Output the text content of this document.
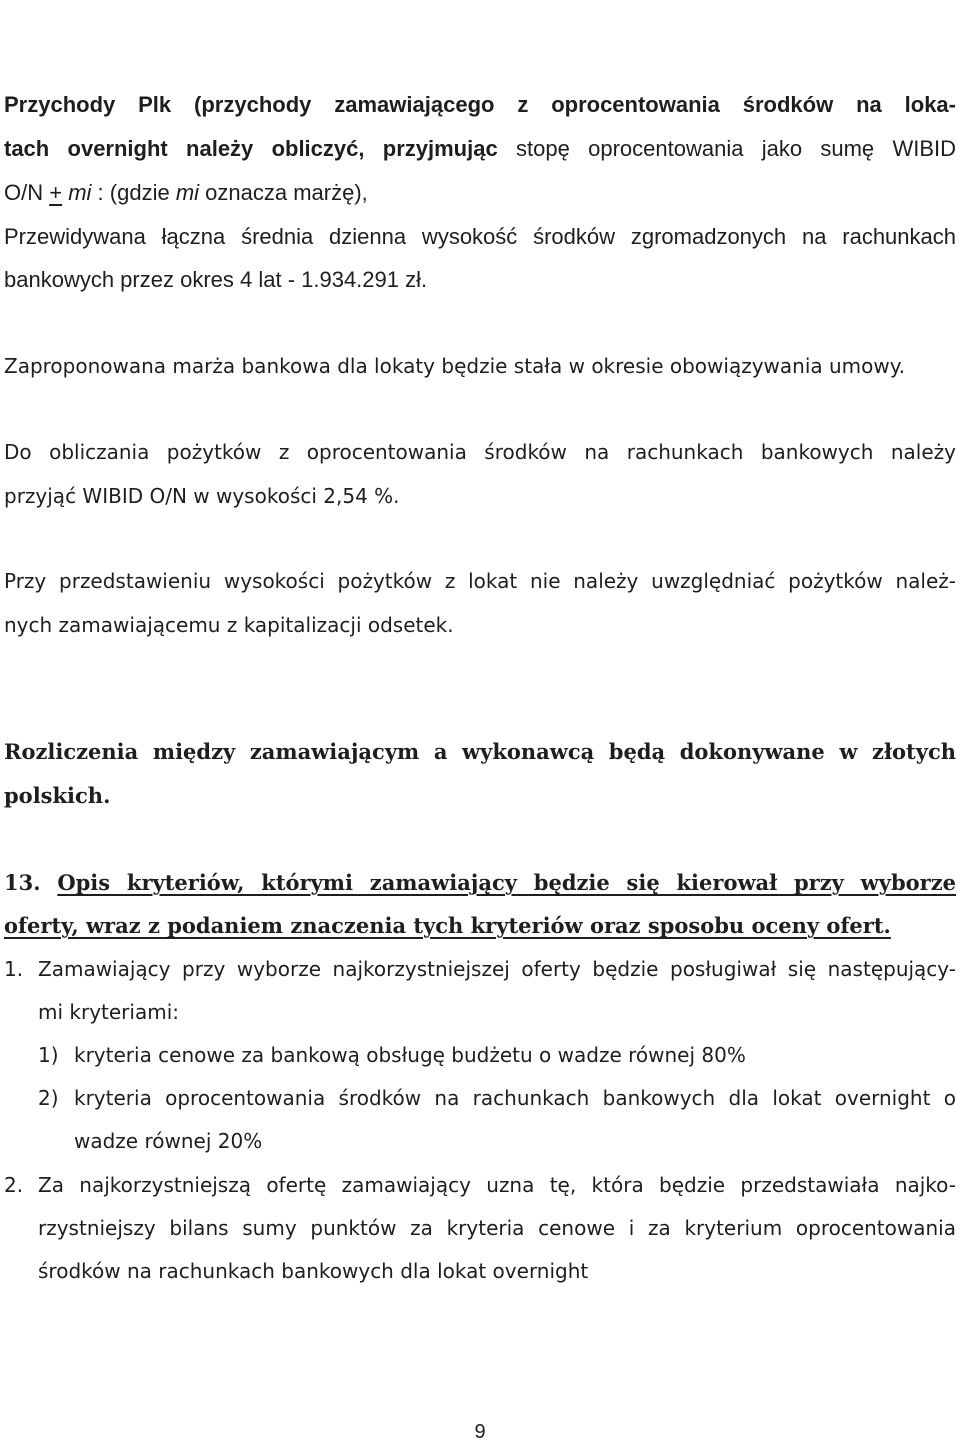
Przychody Plk (przychody zamawiającego z oprocentowania środków na loka-
tach overnight należy obliczyć, przyjmując stopę oprocentowania jako sumę WIBID
O/N + mi : (gdzie mi oznacza marżę),
Przewidywana łączna średnia dzienna wysokość środków zgromadzonych na rachunkach
bankowych przez okres 4 lat - 1.934.291 zł.
Zaproponowana marża bankowa dla lokaty będzie stała w okresie obowiązywania umowy.
Do obliczania pożytków z oprocentowania środków na rachunkach bankowych należy
przyjąć WIBID O/N w wysokości 2,54 %.
Przy przedstawieniu wysokości pożytków z lokat nie należy uwzględniać pożytków należ-
nych zamawiającemu z kapitalizacji odsetek.
Rozliczenia między zamawiającym a wykonawcą będą dokonywane w złotych
polskich.
13. Opis kryteriów, którymi zamawiający będzie się kierował przy wyborze
oferty, wraz z podaniem znaczenia tych kryteriów oraz sposobu oceny ofert.
1. Zamawiający przy wyborze najkorzystniejszej oferty będzie posługiwał się następujący-
mi kryteriami:
1) kryteria cenowe za bankową obsługę budżetu o wadze równej 80%
2) kryteria oprocentowania środków na rachunkach bankowych dla lokat overnight o
wadze równej 20%
2. Za najkorzystniejszą ofertę zamawiający uzna tę, która będzie przedstawiała najko-
rzystniejszy bilans sumy punktów za kryteria cenowe i za kryterium oprocentowania
środków na rachunkach bankowych dla lokat overnight
9
